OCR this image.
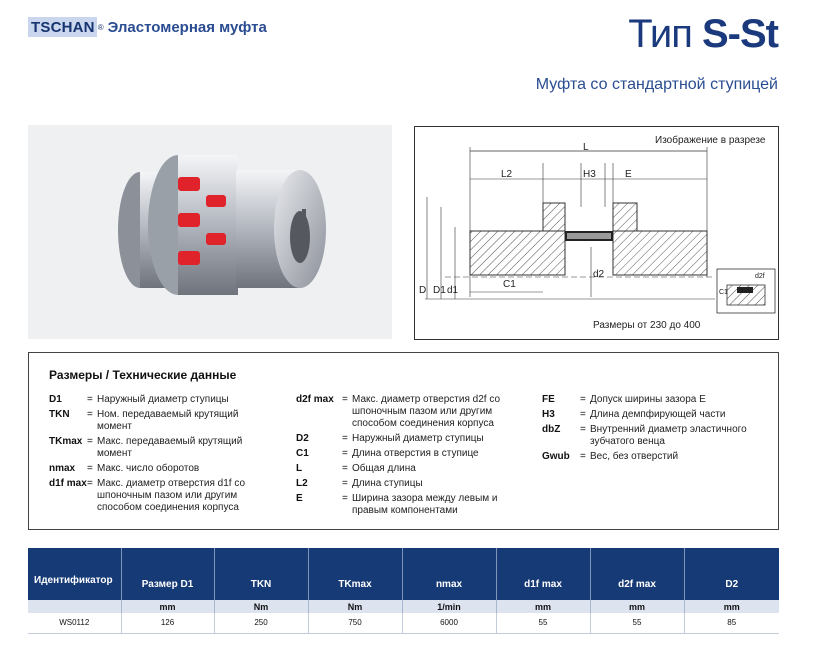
TSCHAN ® Эластомерная муфта	Тип S-St
Муфта со стандартной ступицей
Изображение в разрезе
L
L2	H3	E
C1
D D1 d1
d2
C1
d2f
Размеры от 230 до 400
Размеры / Технические данные
D1	= Наружный диаметр ступицы
TKN	= Ном. передаваемый крутящий момент
TKmax = Макс. передаваемый крутящий момент
nmax	= Макс. число оборотов
d1f max = Макс. диаметр отверстия d1f со шпоночным пазом или другим способом соединения корпуса
d2f max = Макс. диаметр отверстия d2f со шпоночным пазом или другим способом соединения корпуса
D2	= Наружный диаметр ступицы
C1	= Длина отверстия в ступице
L	= Общая длина
L2	= Длина ступицы
E	= Ширина зазора между левым и правым компонентами
FE	= Допуск ширины зазора E
H3	= Длина демпфирующей части
dbZ	= Внутренний диаметр эластичного зубчатого венца
Gwub	= Вес, без отверстий
Идентификатор	Размер D1	TKN	TKmax	nmax	d1f max	d2f max	D2
	mm	Nm	Nm	1/min	mm	mm	mm
WS0112	126	250	750	6000	55	55	85
